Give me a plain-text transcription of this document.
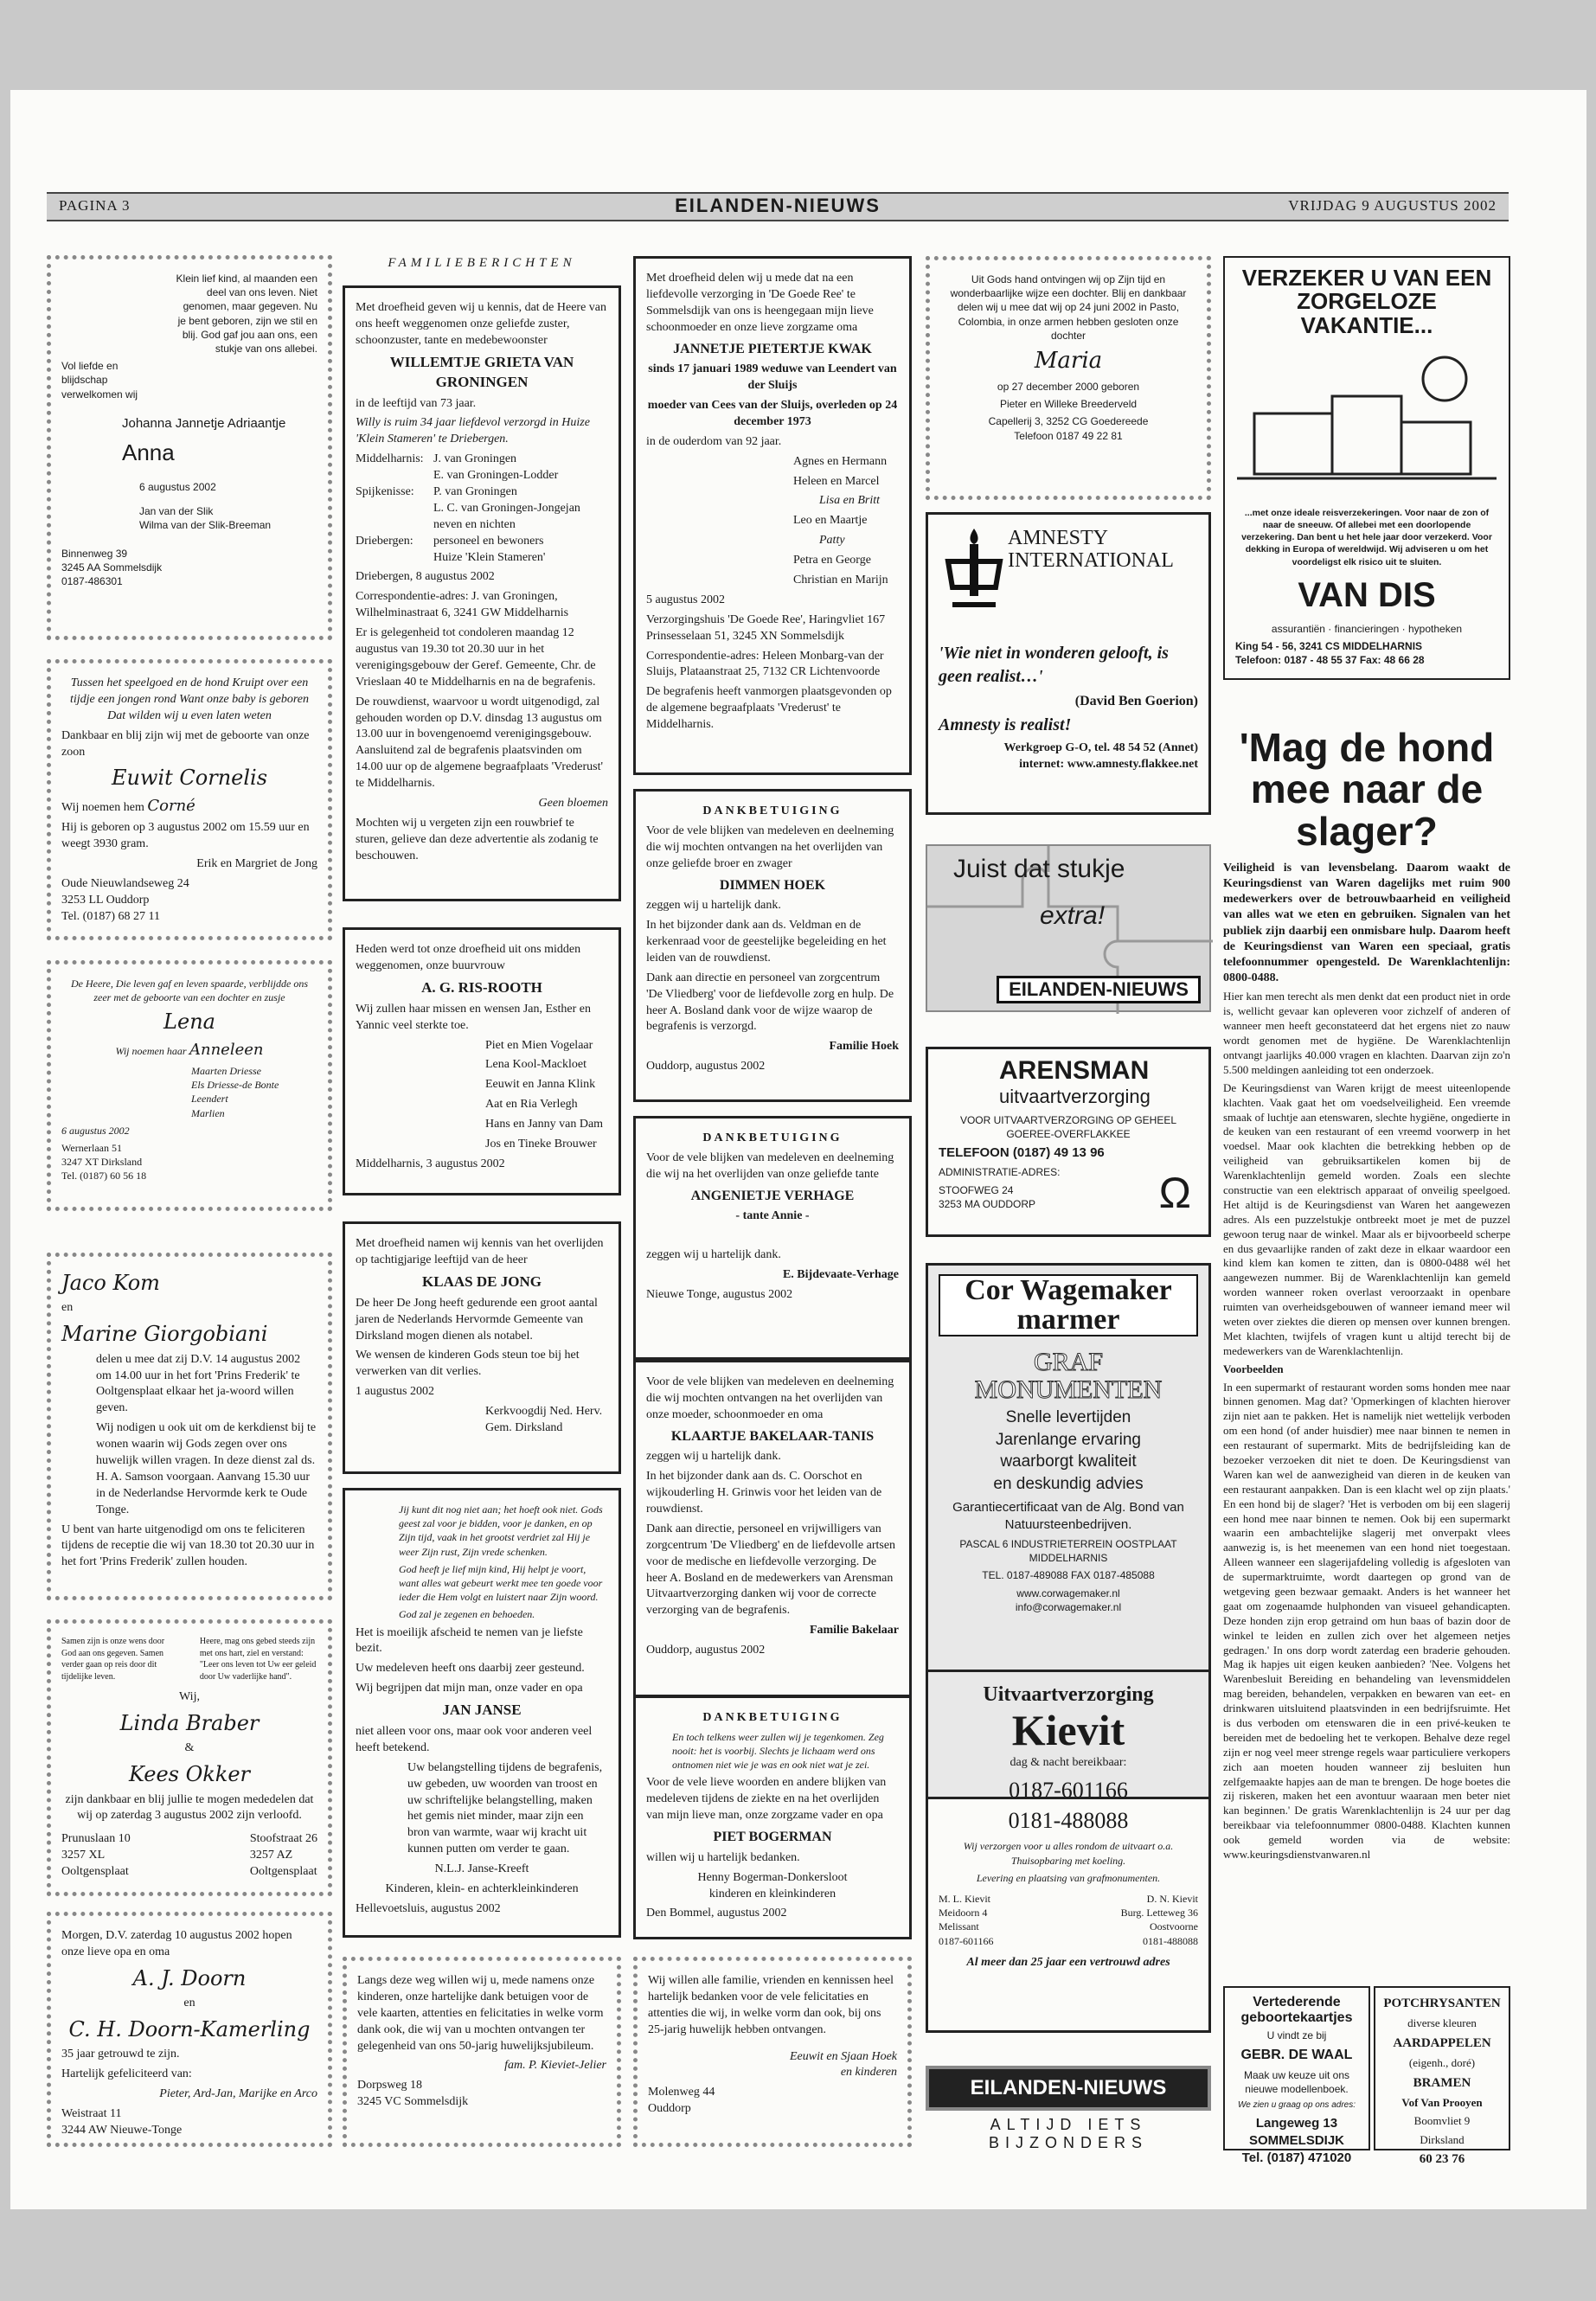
PAGINA 3	EILANDEN-NIEUWS	VRIJDAG 9 AUGUSTUS 2002

Klein lief kind, al maanden een deel van ons leven. Niet genomen, maar gegeven. Nu je bent geboren, zijn we stil en blij. God gaf jou aan ons, een stukje van ons allebei.

Vol liefde en blijdschap verwelkomen wij

Johanna Jannetje Adriaantje

Anna

6 augustus 2002

Jan van der Slik
Wilma van der Slik-Breeman

Binnenweg 39
3245 AA Sommelsdijk
0187-486301

Tussen het speelgoed en de hond Kruipt over een tijdje een jongen rond Want onze baby is geboren Dat wilden wij u even laten weten

Dankbaar en blij zijn wij met de geboorte van onze zoon

Euwit Cornelis

Wij noemen hem Corné

Hij is geboren op 3 augustus 2002 om 15.59 uur en weegt 3930 gram.

Erik en Margriet de Jong

Oude Nieuwlandseweg 24
3253 LL Ouddorp
Tel. (0187) 68 27 11

De Heere, Die leven gaf en leven spaarde, verblijdde ons zeer met de geboorte van een dochter en zusje

Lena

Wij noemen haar Anneleen

Maarten Driesse
Els Driesse-de Bonte
Leendert
Marlien

6 augustus 2002

Wernerlaan 51
3247 XT Dirksland
Tel. (0187) 60 56 18

Jaco Kom

en

Marine Giorgobiani

delen u mee dat zij D.V. 14 augustus 2002 om 14.00 uur in het fort 'Prins Frederik' te Ooltgensplaat elkaar het ja-woord willen geven.

Wij nodigen u ook uit om de kerkdienst bij te wonen waarin wij Gods zegen over ons huwelijk willen vragen. In deze dienst zal ds. H. A. Samson voorgaan. Aanvang 15.30 uur in de Nederlandse Hervormde kerk te Oude Tonge.

U bent van harte uitgenodigd om ons te feliciteren tijdens de receptie die wij van 18.30 tot 20.30 uur in het fort 'Prins Frederik' zullen houden.

Samen zijn is onze wens door God aan ons gegeven. Samen verder gaan op reis door dit tijdelijke leven.

Heere, mag ons gebed steeds zijn met ons hart, ziel en verstand: "Leer ons leven tot Uw eer geleid door Uw vaderlijke hand".

Wij,

Linda Braber

&

Kees Okker

zijn dankbaar en blij jullie te mogen mededelen dat wij op zaterdag 3 augustus 2002 zijn verloofd.

Prunuslaan 10
3257 XL
Ooltgensplaat

Stoofstraat 26
3257 AZ
Ooltgensplaat

Morgen, D.V. zaterdag 10 augustus 2002 hopen onze lieve opa en oma

A. J. Doorn

en

C. H. Doorn-Kamerling

35 jaar getrouwd te zijn.

Hartelijk gefeliciteerd van:

Pieter, Ard-Jan, Marijke en Arco

Weistraat 11
3244 AW Nieuwe-Tonge

FAMILIEBERICHTEN

Met droefheid geven wij u kennis, dat de Heere van ons heeft weggenomen onze geliefde zuster, schoonzuster, tante en medebewoonster

WILLEMTJE GRIETA VAN GRONINGEN

in de leeftijd van 73 jaar.

Willy is ruim 34 jaar liefdevol verzorgd in Huize 'Klein Stameren' te Driebergen.

Middelharnis: J. van Groningen
E. van Groningen-Lodder
Spijkenisse:	P. van Groningen
L. C. van Groningen-Jongejan
neven en nichten
Driebergen:	personeel en bewoners
Huize 'Klein Stameren'

Driebergen, 8 augustus 2002

Correspondentie-adres: J. van Groningen, Wilhelminastraat 6, 3241 GW Middelharnis

Er is gelegenheid tot condoleren maandag 12 augustus van 19.30 tot 20.30 uur in het verenigingsgebouw der Geref. Gemeente, Chr. de Vrieslaan 40 te Middelharnis en na de begrafenis.

De rouwdienst, waarvoor u wordt uitgenodigd, zal gehouden worden op D.V. dinsdag 13 augustus om 13.00 uur in bovengenoemd verenigingsgebouw. Aansluitend zal de begrafenis plaatsvinden om 14.00 uur op de algemene begraafplaats 'Vrederust' te Middelharnis.

Geen bloemen

Mochten wij u vergeten zijn een rouwbrief te sturen, gelieve dan deze advertentie als zodanig te beschouwen.

Heden werd tot onze droefheid uit ons midden weggenomen, onze buurvrouw

A. G. RIS-ROOTH

Wij zullen haar missen en wensen Jan, Esther en Yannic veel sterkte toe.

Piet en Mien Vogelaar

Lena Kool-Mackloet

Eeuwit en Janna Klink

Aat en Ria Verlegh

Hans en Janny van Dam

Jos en Tineke Brouwer

Middelharnis, 3 augustus 2002

Met droefheid namen wij kennis van het overlijden op tachtigjarige leeftijd van de heer

KLAAS DE JONG

De heer De Jong heeft gedurende een groot aantal jaren de Nederlands Hervormde Gemeente van Dirksland mogen dienen als notabel.

We wensen de kinderen Gods steun toe bij het verwerken van dit verlies.

1 augustus 2002

Kerkvoogdij Ned. Herv.
Gem. Dirksland

Jij kunt dit nog niet aan; het hoeft ook niet. Gods geest zal voor je bidden, voor je danken, en op Zijn tijd, vaak in het grootst verdriet zal Hij je weer Zijn rust, Zijn vrede schenken.

God heeft je lief mijn kind, Hij helpt je voort, want alles wat gebeurt werkt mee ten goede voor ieder die Hem volgt en luistert naar Zijn woord.

God zal je zegenen en behoeden.

Het is moeilijk afscheid te nemen van je liefste bezit.

Uw medeleven heeft ons daarbij zeer gesteund.

Wij begrijpen dat mijn man, onze vader en opa

JAN JANSE

niet alleen voor ons, maar ook voor anderen veel heeft betekend.

Uw belangstelling tijdens de begrafenis, uw gebeden, uw woorden van troost en uw schriftelijke belangstelling, maken het gemis niet minder, maar zijn een bron van warmte, waar wij kracht uit kunnen putten om verder te gaan.

N.L.J. Janse-Kreeft

Kinderen, klein- en achterkleinkinderen

Hellevoetsluis, augustus 2002

Langs deze weg willen wij u, mede namens onze kinderen, onze hartelijke dank betuigen voor de vele kaarten, attenties en felicitaties in welke vorm dank ook, die wij van u mochten ontvangen ter gelegenheid van ons 50-jarig huwelijksjubileum.

fam. P. Kieviet-Jelier

Dorpsweg 18
3245 VC Sommelsdijk

Met droefheid delen wij u mede dat na een liefdevolle verzorging in 'De Goede Ree' te Sommelsdijk van ons is heengegaan mijn lieve schoonmoeder en onze lieve zorgzame oma

JANNETJE PIETERTJE KWAK

sinds 17 januari 1989 weduwe van Leendert van der Sluijs

moeder van Cees van der Sluijs, overleden op 24 december 1973

in de ouderdom van 92 jaar.

Agnes en Hermann

Heleen en Marcel

Lisa en Britt

Leo en Maartje

Patty

Petra en George

Christian en Marijn

5 augustus 2002

Verzorgingshuis 'De Goede Ree', Haringvliet 167 Prinsesselaan 51, 3245 XN Sommelsdijk

Correspondentie-adres: Heleen Monbarg-van der Sluijs, Plataanstraat 25, 7132 CR Lichtenvoorde

De begrafenis heeft vanmorgen plaatsgevonden op de algemene begraafplaats 'Vrederust' te Middelharnis.

DANKBETUIGING

Voor de vele blijken van medeleven en deelneming die wij mochten ontvangen na het overlijden van onze geliefde broer en zwager

DIMMEN HOEK

zeggen wij u hartelijk dank.

In het bijzonder dank aan ds. Veldman en de kerkenraad voor de geestelijke begeleiding en het leiden van de rouwdienst.

Dank aan directie en personeel van zorgcentrum 'De Vliedberg' voor de liefdevolle zorg en hulp. De heer A. Bosland dank voor de wijze waarop de begrafenis is verzorgd.

Familie Hoek

Ouddorp, augustus 2002

DANKBETUIGING

Voor de vele blijken van medeleven en deelneming die wij na het overlijden van onze geliefde tante

ANGENIETJE VERHAGE

- tante Annie -

zeggen wij u hartelijk dank.

E. Bijdevaate-Verhage

Nieuwe Tonge, augustus 2002

Voor de vele blijken van medeleven en deelneming die wij mochten ontvangen na het overlijden van onze moeder, schoonmoeder en oma

KLAARTJE BAKELAAR-TANIS

zeggen wij u hartelijk dank.

In het bijzonder dank aan ds. C. Oorschot en wijkouderling H. Grinwis voor het leiden van de rouwdienst.

Dank aan directie, personeel en vrijwilligers van zorgcentrum 'De Vliedberg' en de liefdevolle artsen voor de medische en liefdevolle verzorging. De heer A. Bosland en de medewerkers van Arensman Uitvaartverzorging danken wij voor de correcte verzorging van de begrafenis.

Familie Bakelaar

Ouddorp, augustus 2002

DANKBETUIGING

En toch telkens weer zullen wij je tegenkomen. Zeg nooit: het is voorbij. Slechts je lichaam werd ons ontnomen niet wie je was en ook niet wat je zei.

Voor de vele lieve woorden en andere blijken van medeleven tijdens de ziekte en na het overlijden van mijn lieve man, onze zorgzame vader en opa

PIET BOGERMAN

willen wij u hartelijk bedanken.

Henny Bogerman-Donkersloot
kinderen en kleinkinderen

Den Bommel, augustus 2002

Wij willen alle familie, vrienden en kennissen heel hartelijk bedanken voor de vele felicitaties en attenties die wij, in welke vorm dan ook, bij ons 25-jarig huwelijk hebben ontvangen.

Eeuwit en Sjaan Hoek
en kinderen

Molenweg 44
Ouddorp

Uit Gods hand ontvingen wij op Zijn tijd en wonderbaarlijke wijze een dochter. Blij en dankbaar delen wij u mee dat wij op 24 juni 2002 in Pasto, Colombia, in onze armen hebben gesloten onze dochter

Maria

op 27 december 2000 geboren

Pieter en Willeke Breederveld

Capellerij 3, 3252 CG Goedereede
Telefoon 0187 49 22 81

AMNESTY
INTERNATIONAL

'Wie niet in wonderen gelooft, is geen realist…'

(David Ben Goerion)

Amnesty is realist!

Werkgroep G-O, tel. 48 54 52 (Annet)
internet: www.amnesty.flakkee.net

Juist dat stukje

extra!

EILANDEN-NIEUWS

ARENSMAN

uitvaartverzorging

VOOR UITVAARTVERZORGING OP GEHEEL GOEREE-OVERFLAKKEE

TELEFOON (0187) 49 13 96

ADMINISTRATIE-ADRES:

STOOFWEG 24
3253 MA OUDDORP	Ω

Cor Wagemaker
marmer

GRAF
MONUMENTEN

Snelle levertijden
Jarenlange ervaring
waarborgt kwaliteit
en deskundig advies

Garantiecertificaat van de Alg. Bond van Natuursteenbedrijven.

PASCAL 6 INDUSTRIETERREIN OOSTPLAAT MIDDELHARNIS

TEL. 0187-489088 FAX 0187-485088

www.corwagemaker.nl
info@corwagemaker.nl

Uitvaartverzorging

Kievit

dag & nacht bereikbaar:

0187-601166

0181-488088

Wij verzorgen voor u alles rondom de uitvaart o.a. Thuisopbaring met koeling.

Levering en plaatsing van grafmonumenten.

M. L. Kievit
Meidoorn 4
Melissant
0187-601166

D. N. Kievit
Burg. Letteweg 36
Oostvoorne
0181-488088

Al meer dan 25 jaar een vertrouwd adres

EILANDEN-NIEUWS

ALTIJD IETS BIJZONDERS

VERZEKER U VAN EEN ZORGELOZE VAKANTIE...

...met onze ideale reisverzekeringen. Voor naar de zon of naar de sneeuw. Of allebei met een doorlopende verzekering. Dan bent u het hele jaar door verzekerd. Voor dekking in Europa of wereldwijd. Wij adviseren u om het voordeligst elk risico uit te sluiten.

VAN DIS

assurantiën · financieringen · hypotheken

King 54 - 56, 3241 CS MIDDELHARNIS
Telefoon: 0187 - 48 55 37 Fax: 48 66 28

'Mag de hond mee naar de slager?

Veiligheid is van levensbelang. Daarom waakt de Keuringsdienst van Waren dagelijks met ruim 900 medewerkers over de betrouwbaarheid en veiligheid van alles wat we eten en gebruiken. Signalen van het publiek zijn daarbij een onmisbare hulp. Daarom heeft de Keuringsdienst van Waren een speciaal, gratis telefoonnummer opengesteld. De Warenklachtenlijn: 0800-0488.

Hier kan men terecht als men denkt dat een product niet in orde is, wellicht gevaar kan opleveren voor zichzelf of anderen of wanneer men heeft geconstateerd dat het ergens niet zo nauw wordt genomen met de hygiëne. De Warenklachtenlijn ontvangt jaarlijks 40.000 vragen en klachten. Daarvan zijn zo'n 5.500 meldingen aanleiding tot een onderzoek.

De Keuringsdienst van Waren krijgt de meest uiteenlopende klachten. Vaak gaat het om voedselveiligheid. Een vreemde smaak of luchtje aan etenswaren, slechte hygiëne, ongedierte in de keuken van een restaurant of een vreemd voorwerp in het voedsel. Maar ook klachten die betrekking hebben op de veiligheid van gebruiksartikelen komen bij de Warenklachtenlijn gemeld worden. Zoals een slechte constructie van een elektrisch apparaat of onveilig speelgoed. Het altijd is de Keuringsdienst van Waren het aangewezen adres. Als een puzzelstukje ontbreekt moet je met de puzzel gewoon terug naar de winkel. Maar als er bijvoorbeeld scherpe en dus gevaarlijke randen of zakt deze in elkaar waardoor een kind klem kan komen te zitten, dan is 0800-0488 wél het aangewezen nummer. Bij de Warenklachtenlijn kan gemeld worden wanneer roken overlast veroorzaakt in openbare ruimten van overheidsgebouwen of wanneer iemand meer wil weten over ziektes die dieren op mensen over kunnen brengen. Met klachten, twijfels of vragen kunt u altijd terecht bij de medewerkers van de Warenklachtenlijn.

Voorbeelden

In een supermarkt of restaurant worden soms honden mee naar binnen genomen. Mag dat? 'Opmerkingen of klachten hierover zijn niet aan te pakken. Het is namelijk niet wettelijk verboden om een hond (of ander huisdier) mee naar binnen te nemen in een restaurant of supermarkt. Mits de bedrijfsleiding kan de bezoeker verzoeken dit niet te doen. De Keuringsdienst van Waren kan wel de aanwezigheid van dieren in de keuken van een restaurant aanpakken. Dan is een klacht wel op zijn plaats.' En een hond bij de slager? 'Het is verboden om bij een slagerij een hond mee naar binnen te nemen. Ook bij een supermarkt waarin een ambachtelijke slagerij met onverpakt vlees aanwezig is, is het meenemen van een hond niet toegestaan. Alleen wanneer een slagerijafdeling volledig is afgesloten van de supermarktruimte, wordt daartegen op grond van de wetgeving geen bezwaar gemaakt. Anders is het wanneer het gaat om zogenaamde hulphonden van visueel gehandicapten. Deze honden zijn erop getraind om hun baas of bazin door de winkel te leiden en zullen zich over het algemeen netjes gedragen.' In ons dorp wordt zaterdag een braderie gehouden. Mag ik hapjes uit eigen keuken aanbieden? 'Nee. Volgens het Warenbesluit Bereiding en behandeling van levensmiddelen mag bereiden, behandelen, verpakken en bewaren van eet- en drinkwaren uitsluitend plaatsvinden in een bedrijfsruimte. Het is dus verboden om etenswaren die in een privé-keuken te bereiden met de bedoeling het te verkopen. Behalve deze regel zijn er nog veel meer strenge regels waar particuliere verkopers zich aan moeten houden wanneer zij besluiten hun zelfgemaakte hapjes aan de man te brengen. De hoge boetes die zij riskeren, maken het een avontuur waaraan men beter niet kan beginnen.' De gratis Warenklachtenlijn is 24 uur per dag bereikbaar via telefoonnummer 0800-0488. Klachten kunnen ook gemeld worden via de website: www.keuringsdienstvanwaren.nl

Vertederende geboortekaartjes

U vindt ze bij

GEBR. DE WAAL

Maak uw keuze uit ons nieuwe modellenboek.

We zien u graag op ons adres:

Langeweg 13

SOMMELSDIJK

Tel. (0187) 471020

POTCHRYSANTEN

diverse kleuren

AARDAPPELEN

(eigenh., doré)

BRAMEN

Vof Van Prooyen

Boomvliet 9

Dirksland

60 23 76
